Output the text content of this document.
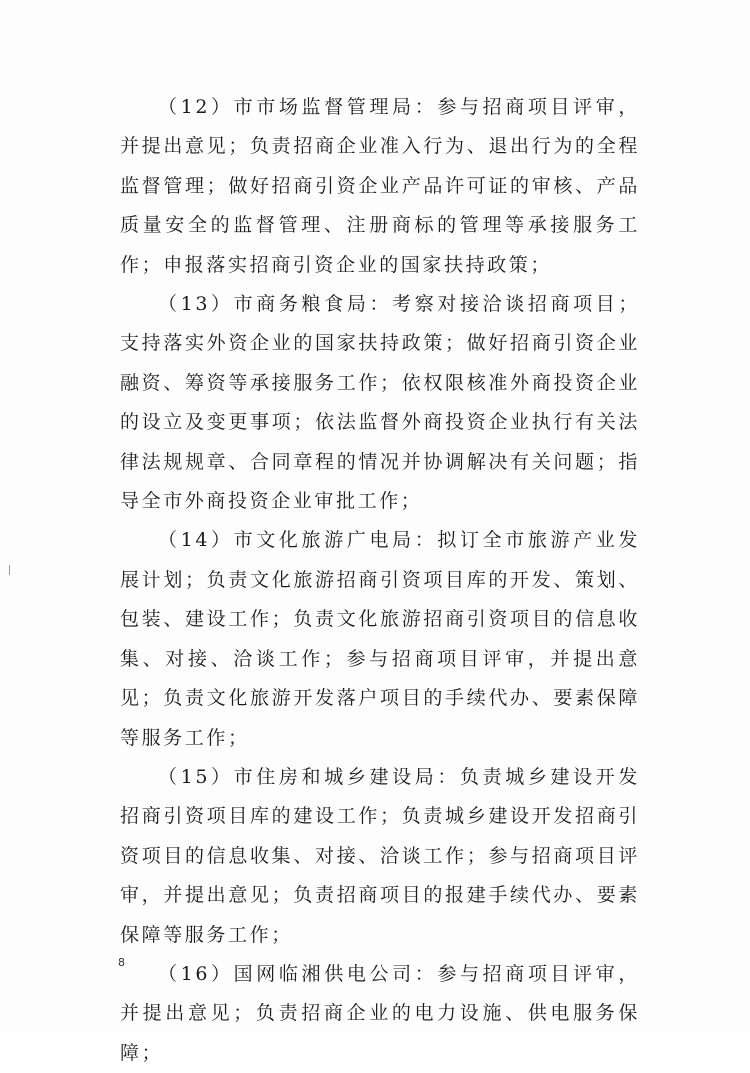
（12）市市场监督管理局：参与招商项目评审，并提出意见；负责招商企业准入行为、退出行为的全程监督管理；做好招商引资企业产品许可证的审核、产品质量安全的监督管理、注册商标的管理等承接服务工作；申报落实招商引资企业的国家扶持政策；

（13）市商务粮食局：考察对接洽谈招商项目；支持落实外资企业的国家扶持政策；做好招商引资企业融资、筹资等承接服务工作；依权限核准外商投资企业的设立及变更事项；依法监督外商投资企业执行有关法律法规规章、合同章程的情况并协调解决有关问题；指导全市外商投资企业审批工作；

（14）市文化旅游广电局：拟订全市旅游产业发展计划；负责文化旅游招商引资项目库的开发、策划、包装、建设工作；负责文化旅游招商引资项目的信息收集、对接、洽谈工作；参与招商项目评审，并提出意见；负责文化旅游开发落户项目的手续代办、要素保障等服务工作；

（15）市住房和城乡建设局：负责城乡建设开发招商引资项目库的建设工作；负责城乡建设开发招商引资项目的信息收集、对接、洽谈工作；参与招商项目评审，并提出意见；负责招商项目的报建手续代办、要素保障等服务工作；

（16）国网临湘供电公司：参与招商项目评审，并提出意见；负责招商企业的电力设施、供电服务保障；

8
